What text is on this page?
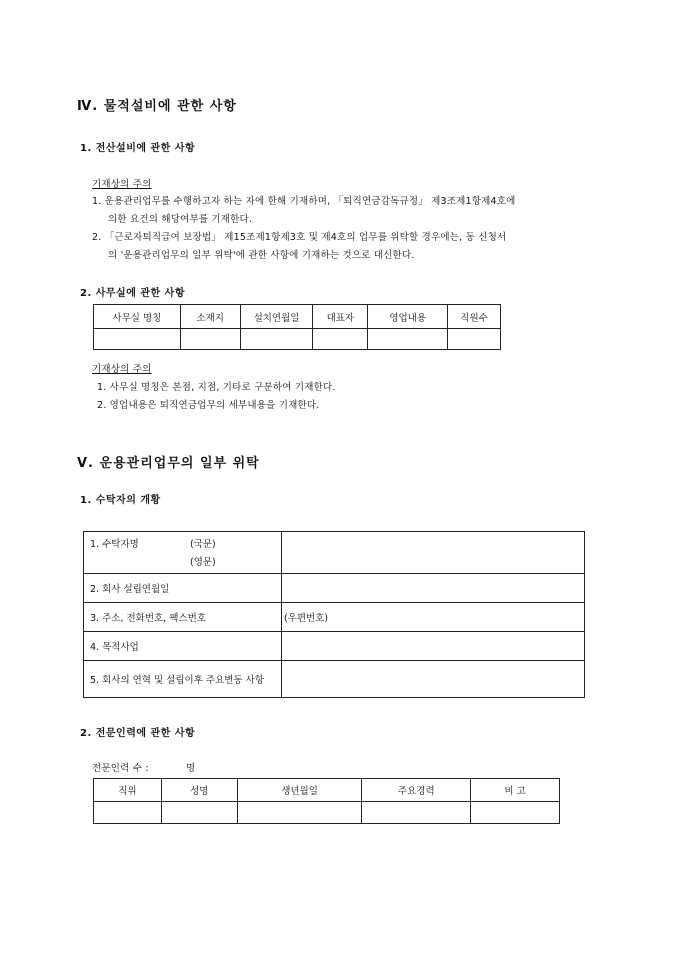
Ⅳ. 물적설비에 관한 사항
1. 전산설비에 관한 사항
기재상의 주의
1. 운용관리업무를 수행하고자 하는 자에 한해 기재하며, 「퇴직연금감독규정」 제3조제1항제4호에
의한 요건의 해당여부를 기재한다.
2. 「근로자퇴직급여 보장법」 제15조제1항제3호 및 제4호의 업무를 위탁할 경우에는, 동 신청서
의 '운용관리업무의 일부 위탁'에 관한 사항에 기재하는 것으로 대신한다.
2. 사무실에 관한 사항
사무실 명칭	소재지	설치연월일	대표자	영업내용	직원수

기재상의 주의
1. 사무실 명칭은 본점, 지점, 기타로 구분하여 기재한다.
2. 영업내용은 퇴직연금업무의 세부내용을 기재한다.
Ⅴ. 운용관리업무의 일부 위탁
1. 수탁자의 개황
1. 수탁자명 (국문)
(영문)	

2. 회사 설립연월일	
3. 주소, 전화번호, 팩스번호	(우편번호)
4. 목적사업	
5. 회사의 연혁 및 설립이후 주요변동 사항	
2. 전문인력에 관한 사항
전문인력 수 :	명
직위	성명	생년월일	주요경력	비 고
